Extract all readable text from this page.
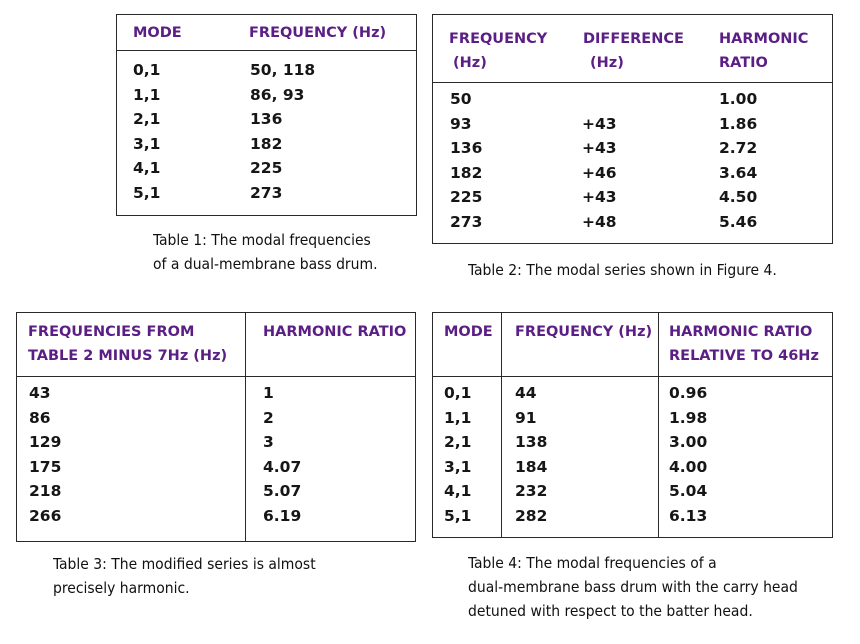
MODE	FREQUENCY (Hz)
0,1
1,1
2,1
3,1
4,1
5,1
50, 118
86, 93
136
182
225
273
Table 1: The modal frequencies
of a dual-membrane bass drum.
FREQUENCY
(Hz)
DIFFERENCE
(Hz)
HARMONIC
RATIO
50
93
136
182
225
273
+43
+43
+46
+43
+48
1.00
1.86
2.72
3.64
4.50
5.46
Table 2: The modal series shown in Figure 4.
FREQUENCIES FROM
TABLE 2 MINUS 7Hz (Hz)
HARMONIC RATIO
43
86
129
175
218
266
1
2
3
4.07
5.07
6.19
Table 3: The modified series is almost
precisely harmonic.
MODE FREQUENCY (Hz) HARMONIC RATIO
RELATIVE TO 46Hz
0,1
1,1
2,1
3,1
4,1
5,1
44
91
138
184
232
282
0.96
1.98
3.00
4.00
5.04
6.13
Table 4: The modal frequencies of a
dual-membrane bass drum with the carry head
detuned with respect to the batter head.
